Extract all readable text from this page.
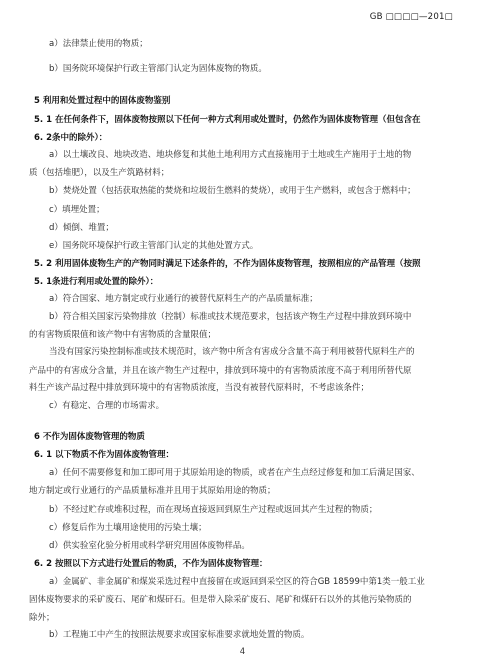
GB □□□□—201□
a）法律禁止使用的物质；
b）国务院环境保护行政主管部门认定为固体废物的物质。
5 利用和处置过程中的固体废物鉴别
5. 1 在任何条件下，固体废物按照以下任何一种方式利用或处置时，仍然作为固体废物管理（但包含在
6. 2条中的除外）：
a）以土壤改良、地块改造、地块修复和其他土地利用方式直接施用于土地或生产施用于土地的物
质（包括堆肥），以及生产筑路材料；
b）焚烧处置（包括获取热能的焚烧和垃圾衍生燃料的焚烧），或用于生产燃料，或包含于燃料中；
c）填埋处置；
d）倾倒、堆置；
e）国务院环境保护行政主管部门认定的其他处置方式。
5. 2 利用固体废物生产的产物同时满足下述条件的，不作为固体废物管理，按照相应的产品管理（按照
5. 1条进行利用或处置的除外）：
a）符合国家、地方制定或行业通行的被替代原料生产的产品质量标准；
b）符合相关国家污染物排放（控制）标准或技术规范要求，包括该产物生产过程中排放到环境中
的有害物质限值和该产物中有害物质的含量限值；
当没有国家污染控制标准或技术规范时，该产物中所含有害成分含量不高于利用被替代原料生产的
产品中的有害成分含量，并且在该产物生产过程中，排放到环境中的有害物质浓度不高于利用所替代原
料生产该产品过程中排放到环境中的有害物质浓度，当没有被替代原料时，不考虑该条件；
c）有稳定、合理的市场需求。
6 不作为固体废物管理的物质
6. 1 以下物质不作为固体废物管理：
a）任何不需要修复和加工即可用于其原始用途的物质，或者在产生点经过修复和加工后满足国家、
地方制定或行业通行的产品质量标准并且用于其原始用途的物质；
b）不经过贮存或堆积过程，而在现场直接返回到原生产过程或返回其产生过程的物质；
c）修复后作为土壤用途使用的污染土壤；
d）供实验室化验分析用或科学研究用固体废物样品。
6. 2 按照以下方式进行处置后的物质，不作为固体废物管理：
a）金属矿、非金属矿和煤炭采选过程中直接留在或返回到采空区的符合GB 18599中第1类一般工业
固体废物要求的采矿废石、尾矿和煤矸石。但是带入除采矿废石、尾矿和煤矸石以外的其他污染物质的
除外；
b）工程施工中产生的按照法规要求或国家标准要求就地处置的物质。
4
